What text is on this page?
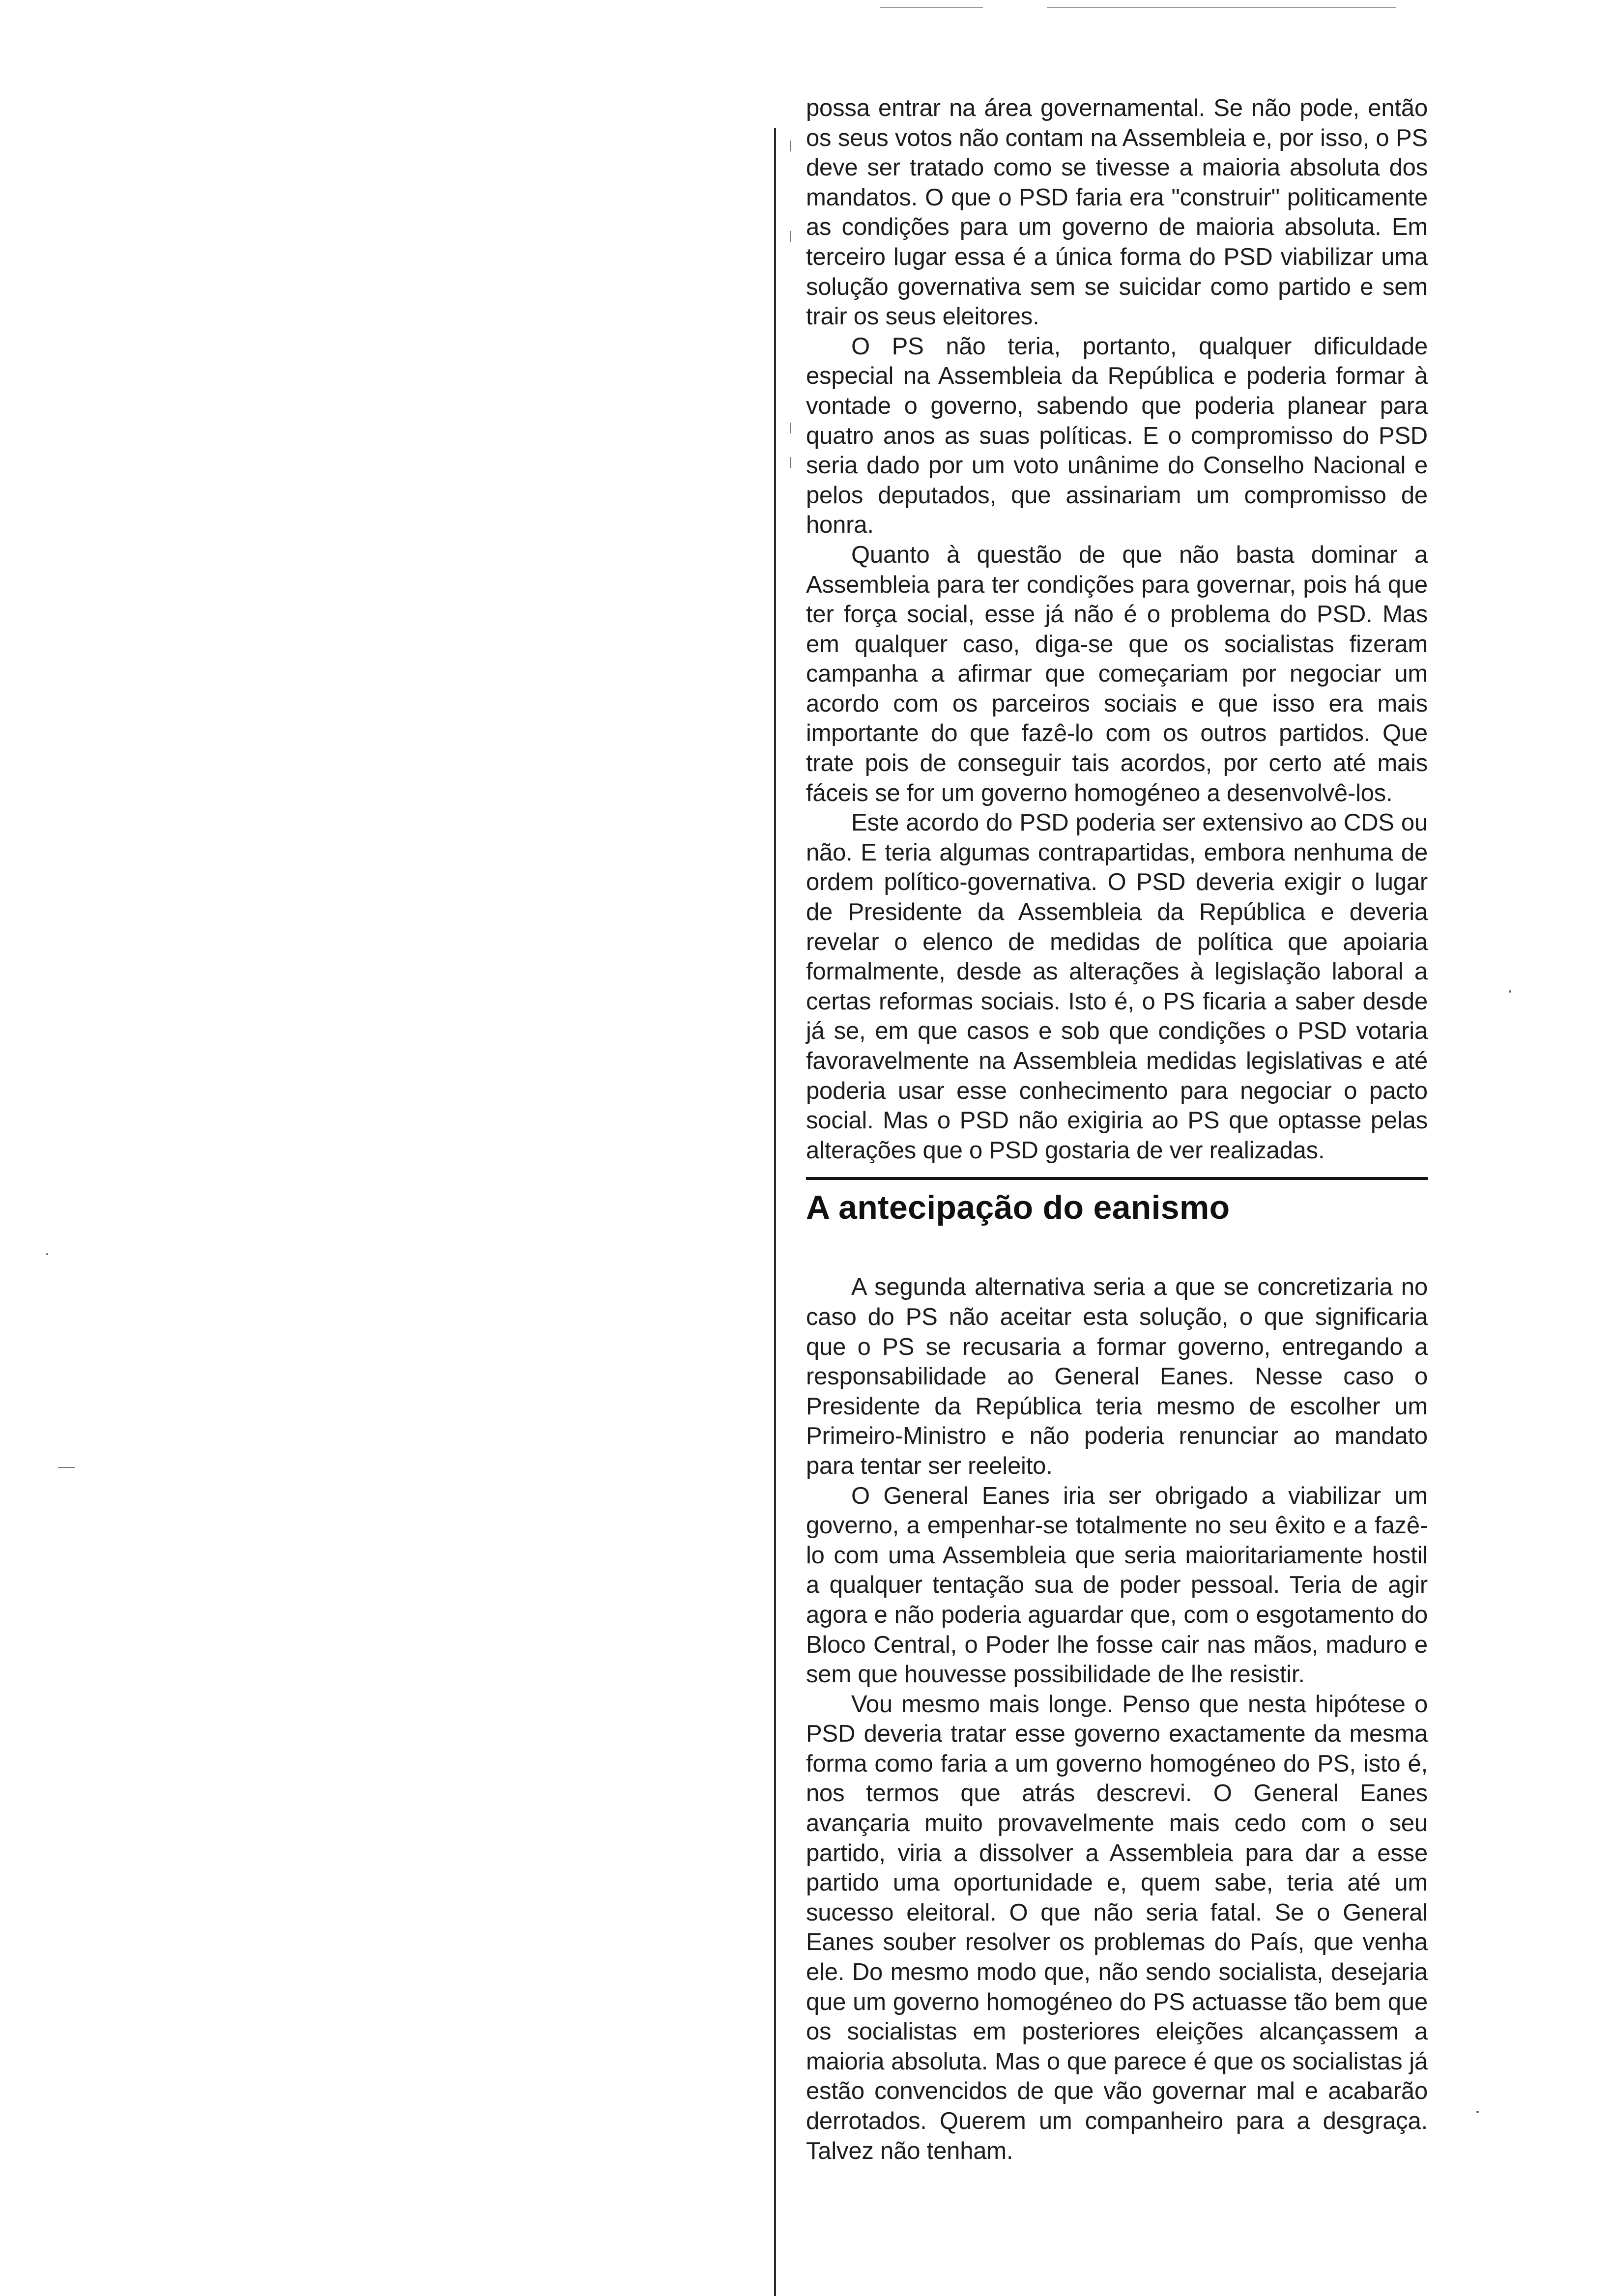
possa entrar na área governamental. Se não pode, então os seus votos não contam na Assembleia e, por isso, o PS deve ser tratado como se tivesse a maioria absoluta dos mandatos. O que o PSD faria era "construir" politicamente as condições para um governo de maioria absoluta. Em terceiro lugar essa é a única forma do PSD viabilizar uma solução governativa sem se suicidar como partido e sem trair os seus eleitores.

O PS não teria, portanto, qualquer dificuldade especial na Assembleia da República e poderia formar à vontade o governo, sabendo que poderia planear para quatro anos as suas políticas. E o compromisso do PSD seria dado por um voto unânime do Conselho Nacional e pelos deputados, que assinariam um compromisso de honra.

Quanto à questão de que não basta dominar a Assembleia para ter condições para governar, pois há que ter força social, esse já não é o problema do PSD. Mas em qualquer caso, diga-se que os socialistas fizeram campanha a afirmar que começariam por negociar um acordo com os parceiros sociais e que isso era mais importante do que fazê-lo com os outros partidos. Que trate pois de conseguir tais acordos, por certo até mais fáceis se for um governo homogéneo a desenvolvê-los.

Este acordo do PSD poderia ser extensivo ao CDS ou não. E teria algumas contrapartidas, embora nenhuma de ordem político-governativa. O PSD deveria exigir o lugar de Presidente da Assembleia da República e deveria revelar o elenco de medidas de política que apoiaria formalmente, desde as alterações à legislação laboral a certas reformas sociais. Isto é, o PS ficaria a saber desde já se, em que casos e sob que condições o PSD votaria favoravelmente na Assembleia medidas legislativas e até poderia usar esse conhecimento para negociar o pacto social. Mas o PSD não exigiria ao PS que optasse pelas alterações que o PSD gostaria de ver realizadas.

A antecipação do eanismo

A segunda alternativa seria a que se concretizaria no caso do PS não aceitar esta solução, o que significaria que o PS se recusaria a formar governo, entregando a responsabilidade ao General Eanes. Nesse caso o Presidente da República teria mesmo de escolher um Primeiro-Ministro e não poderia renunciar ao mandato para tentar ser reeleito.

O General Eanes iria ser obrigado a viabilizar um governo, a empenhar-se totalmente no seu êxito e a fazê-lo com uma Assembleia que seria maioritariamente hostil a qualquer tentação sua de poder pessoal. Teria de agir agora e não poderia aguardar que, com o esgotamento do Bloco Central, o Poder lhe fosse cair nas mãos, maduro e sem que houvesse possibilidade de lhe resistir.

Vou mesmo mais longe. Penso que nesta hipótese o PSD deveria tratar esse governo exactamente da mesma forma como faria a um governo homogéneo do PS, isto é, nos termos que atrás descrevi. O General Eanes avançaria muito provavelmente mais cedo com o seu partido, viria a dissolver a Assembleia para dar a esse partido uma oportunidade e, quem sabe, teria até um sucesso eleitoral. O que não seria fatal. Se o General Eanes souber resolver os problemas do País, que venha ele. Do mesmo modo que, não sendo socialista, desejaria que um governo homogéneo do PS actuasse tão bem que os socialistas em posteriores eleições alcançassem a maioria absoluta. Mas o que parece é que os socialistas já estão convencidos de que vão governar mal e acabarão derrotados. Querem um companheiro para a desgraça. Talvez não tenham.
